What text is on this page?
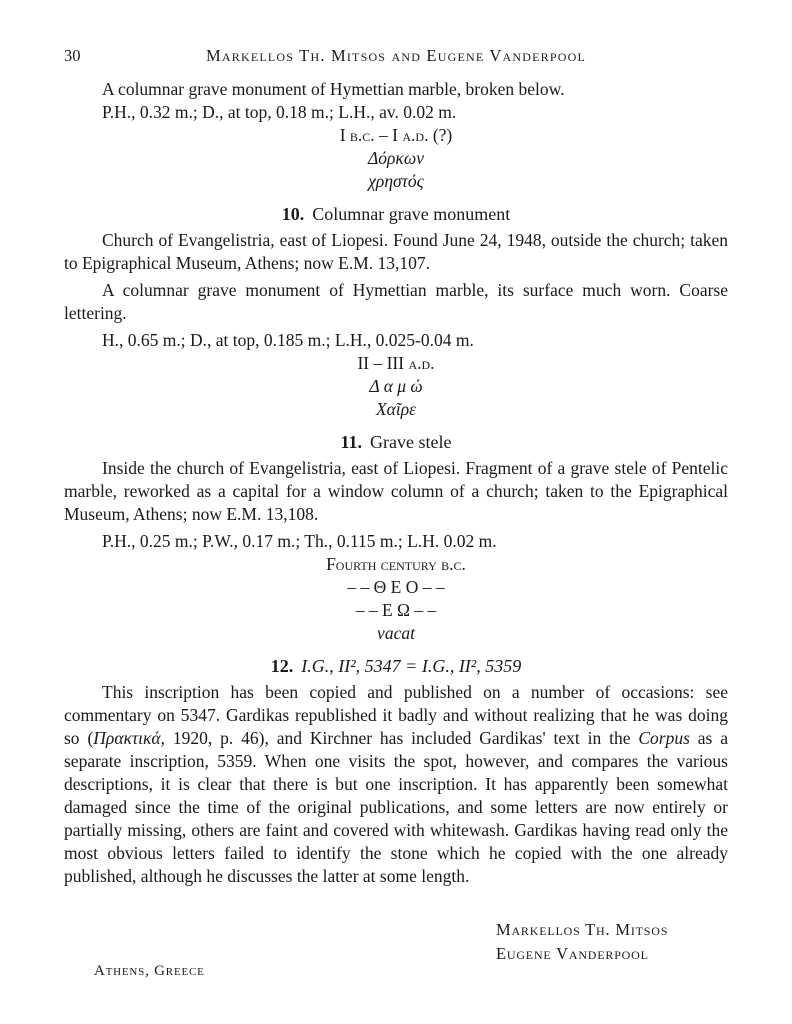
30	Markellos Th. Mitsos and Eugene Vanderpool

A columnar grave monument of Hymettian marble, broken below.

P.H., 0.32 m.; D., at top, 0.18 m.; L.H., av. 0.02 m.

I b.c. – I a.d. (?)

Δόρκων

χρηστός

10. Columnar grave monument

Church of Evangelistria, east of Liopesi. Found June 24, 1948, outside the church; taken to Epigraphical Museum, Athens; now E.M. 13,107.

A columnar grave monument of Hymettian marble, its surface much worn. Coarse lettering.

H., 0.65 m.; D., at top, 0.185 m.; L.H., 0.025-0.04 m.

II – III a.d.

Δ α μ ώ

Χαῖρε

11. Grave stele

Inside the church of Evangelistria, east of Liopesi. Fragment of a grave stele of Pentelic marble, reworked as a capital for a window column of a church; taken to the Epigraphical Museum, Athens; now E.M. 13,108.

P.H., 0.25 m.; P.W., 0.17 m.; Th., 0.115 m.; L.H. 0.02 m.

Fourth century b.c.

– – Θ Ε Ο – –

– – Ε Ω – –

vacat

12. I.G., II², 5347 = I.G., II², 5359

This inscription has been copied and published on a number of occasions: see commentary on 5347. Gardikas republished it badly and without realizing that he was doing so (Πρακτικά, 1920, p. 46), and Kirchner has included Gardikas' text in the Corpus as a separate inscription, 5359. When one visits the spot, however, and compares the various descriptions, it is clear that there is but one inscription. It has apparently been somewhat damaged since the time of the original publications, and some letters are now entirely or partially missing, others are faint and covered with whitewash. Gardikas having read only the most obvious letters failed to identify the stone which he copied with the one already published, although he discusses the latter at some length.

Markellos Th. Mitsos
Eugene Vanderpool
Athens, Greece
